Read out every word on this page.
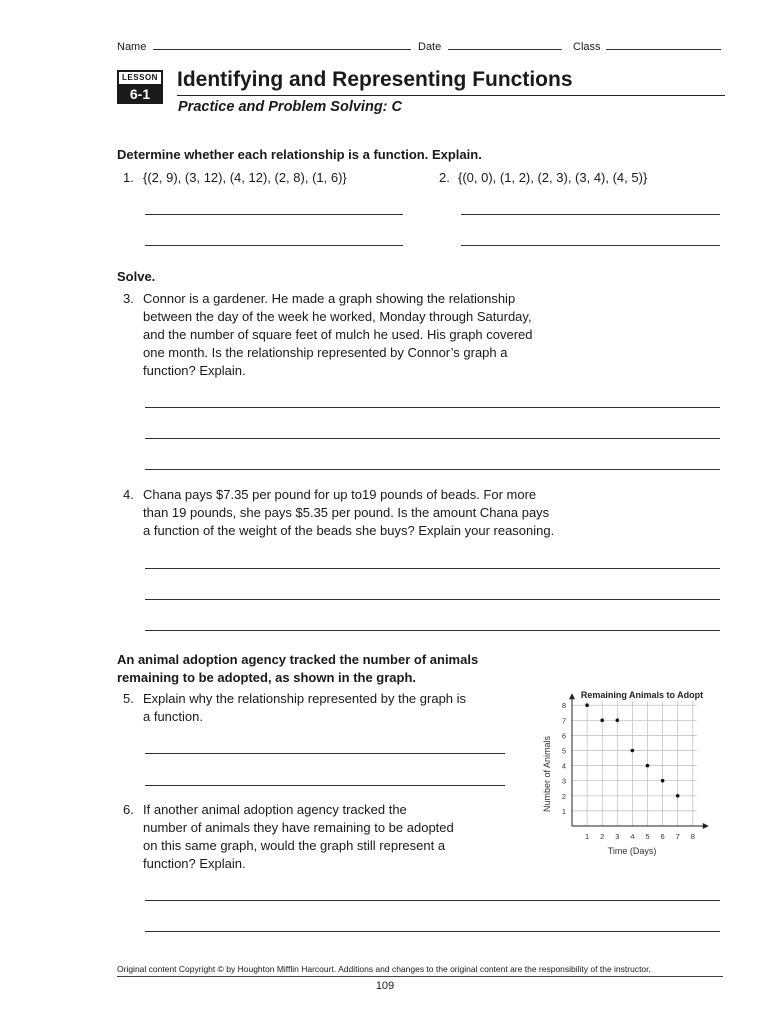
Name	Date	Class
LESSON
6-1
Identifying and Representing Functions
Practice and Problem Solving: C
Determine whether each relationship is a function. Explain.
1. {(2, 9), (3, 12), (4, 12), (2, 8), (1, 6)}	2. {(0, 0), (1, 2), (2, 3), (3, 4), (4, 5)}
Solve.
3. Connor is a gardener. He made a graph showing the relationship
between the day of the week he worked, Monday through Saturday,
and the number of square feet of mulch he used. His graph covered
one month. Is the relationship represented by Connor’s graph a
function? Explain.
4. Chana pays $7.35 per pound for up to19 pounds of beads. For more
than 19 pounds, she pays $5.35 per pound. Is the amount Chana pays
a function of the weight of the beads she buys? Explain your reasoning.
An animal adoption agency tracked the number of animals
remaining to be adopted, as shown in the graph.
5. Explain why the relationship represented by the graph is
a function.
6. If another animal adoption agency tracked the
number of animals they have remaining to be adopted
on this same graph, would the graph still represent a
function? Explain.
Remaining Animals to Adopt
1 2 3 4 5 6 7 8
1
2
3
4
5
6
7
8
Time (Days)
Number of Animals
Original content Copyright © by Houghton Mifflin Harcourt. Additions and changes to the original content are the responsibility of the instructor.
109
